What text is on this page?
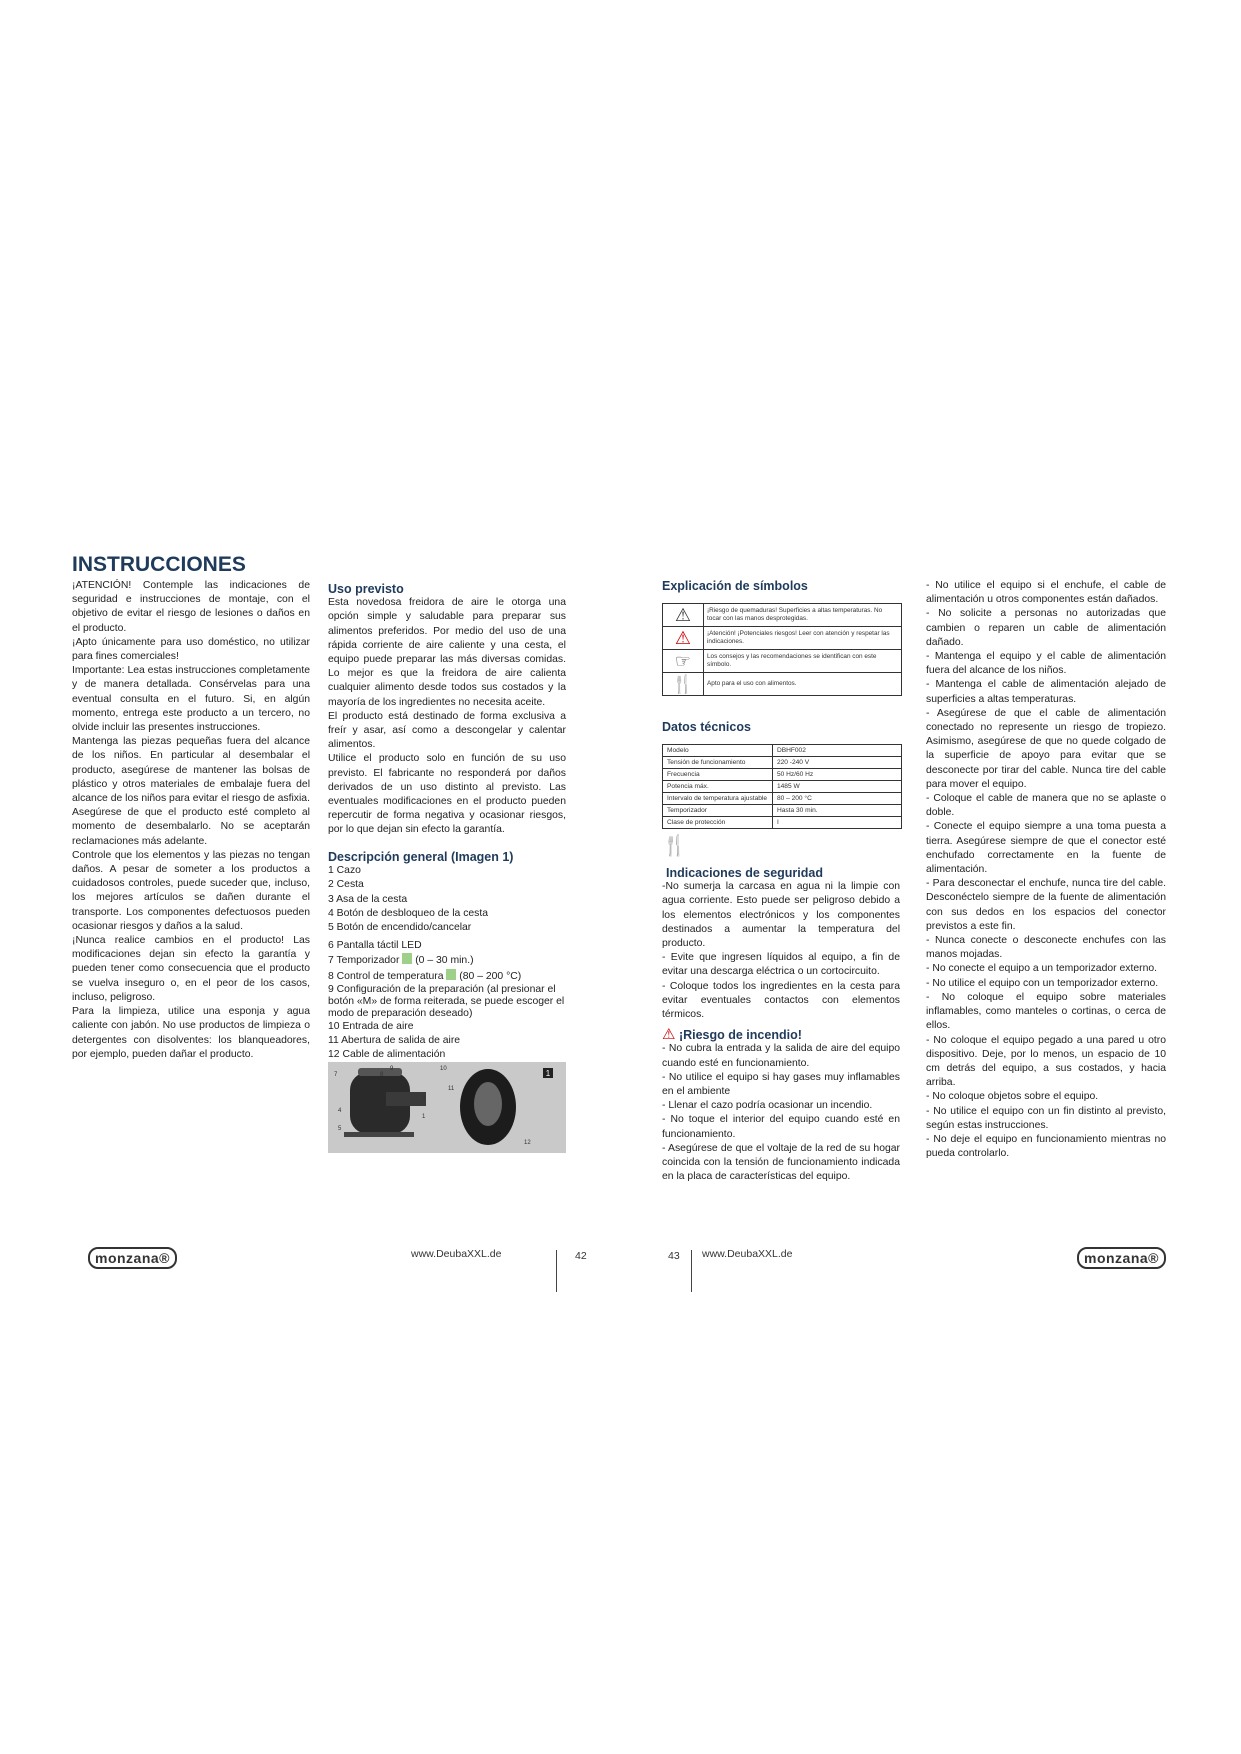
INSTRUCCIONES

¡ATENCIÓN! Contemple las indicaciones de seguridad e instrucciones de montaje, con el objetivo de evitar el riesgo de lesiones o daños en el producto.

¡Apto únicamente para uso doméstico, no utilizar para fines comerciales!

Importante: Lea estas instrucciones completamente y de manera detallada. Consérvelas para una eventual consulta en el futuro. Si, en algún momento, entrega este producto a un tercero, no olvide incluir las presentes instrucciones.

Mantenga las piezas pequeñas fuera del alcance de los niños. En particular al desembalar el producto, asegúrese de mantener las bolsas de plástico y otros materiales de embalaje fuera del alcance de los niños para evitar el riesgo de asfixia.

Asegúrese de que el producto esté completo al momento de desembalarlo. No se aceptarán reclamaciones más adelante.

Controle que los elementos y las piezas no tengan daños. A pesar de someter a los productos a cuidadosos controles, puede suceder que, incluso, los mejores artículos se dañen durante el transporte. Los componentes defectuosos pueden ocasionar riesgos y daños a la salud.

¡Nunca realice cambios en el producto! Las modificaciones dejan sin efecto la garantía y pueden tener como consecuencia que el producto se vuelva inseguro o, en el peor de los casos, incluso, peligroso.

Para la limpieza, utilice una esponja y agua caliente con jabón. No use productos de limpieza o detergentes con disolventes: los blanqueadores, por ejemplo, pueden dañar el producto.

Uso previsto

Esta novedosa freidora de aire le otorga una opción simple y saludable para preparar sus alimentos preferidos. Por medio del uso de una rápida corriente de aire caliente y una cesta, el equipo puede preparar las más diversas comidas. Lo mejor es que la freidora de aire calienta cualquier alimento desde todos sus costados y la mayoría de los ingredientes no necesita aceite.

El producto está destinado de forma exclusiva a freír y asar, así como a descongelar y calentar alimentos.

Utilice el producto solo en función de su uso previsto. El fabricante no responderá por daños derivados de un uso distinto al previsto. Las eventuales modificaciones en el producto pueden repercutir de forma negativa y ocasionar riesgos, por lo que dejan sin efecto la garantía.

Descripción general (Imagen 1)

1 Cazo

2 Cesta

3 Asa de la cesta

4 Botón de desbloqueo de la cesta

5 Botón de encendido/cancelar

6 Pantalla táctil LED

7 Temporizador (0 – 30 min.)

8 Control de temperatura (80 – 200 °C)

9 Configuración de la preparación (al presionar el botón «M» de forma reiterada, se puede escoger el modo de preparación deseado)

10 Entrada de aire

11 Abertura de salida de aire

12 Cable de alimentación

1
7	8
9	10
11
4
3
1
5
12
monzana®	www.DeubaXXL.de	42

Explicación de símbolos

⚠	¡Riesgo de quemaduras! Superficies a altas temperaturas. No tocar con las manos desprotegidas.
⚠	¡Atención! ¡Potenciales riesgos! Leer con atención y respetar las indicaciones.
☞	Los consejos y las recomendaciones se identifican con este símbolo.
🍴	Apto para el uso con alimentos.

Datos técnicos

Modelo	DBHF002
Tensión de funcionamiento	220 -240 V
Frecuencia	50 Hz/60 Hz
Potencia máx.	1485 W
Intervalo de temperatura ajustable	80 – 200 °C
Temporizador	Hasta 30 min.
Clase de protección	I
🍴

Indicaciones de seguridad

-No sumerja la carcasa en agua ni la limpie con agua corriente. Esto puede ser peligroso debido a los elementos electrónicos y los componentes destinados a aumentar la temperatura del producto.

- Evite que ingresen líquidos al equipo, a fin de evitar una descarga eléctrica o un cortocircuito.

- Coloque todos los ingredientes en la cesta para evitar eventuales contactos con elementos térmicos.

⚠ ¡Riesgo de incendio!

- No cubra la entrada y la salida de aire del equipo cuando esté en funcionamiento.

- No utilice el equipo si hay gases muy inflamables en el ambiente

- Llenar el cazo podría ocasionar un incendio.

- No toque el interior del equipo cuando esté en funcionamiento.

- Asegúrese de que el voltaje de la red de su hogar coincida con la tensión de funcionamiento indicada en la placa de características del equipo.

- No utilice el equipo si el enchufe, el cable de alimentación u otros componentes están dañados.

- No solicite a personas no autorizadas que cambien o reparen un cable de alimentación dañado.

- Mantenga el equipo y el cable de alimentación fuera del alcance de los niños.

- Mantenga el cable de alimentación alejado de superficies a altas temperaturas.

- Asegúrese de que el cable de alimentación conectado no represente un riesgo de tropiezo. Asimismo, asegúrese de que no quede colgado de la superficie de apoyo para evitar que se desconecte por tirar del cable. Nunca tire del cable para mover el equipo.

- Coloque el cable de manera que no se aplaste o doble.

- Conecte el equipo siempre a una toma puesta a tierra. Asegúrese siempre de que el conector esté enchufado correctamente en la fuente de alimentación.

- Para desconectar el enchufe, nunca tire del cable. Desconéctelo siempre de la fuente de alimentación con sus dedos en los espacios del conector previstos a este fin.

- Nunca conecte o desconecte enchufes con las manos mojadas.

- No conecte el equipo a un temporizador externo.

- No utilice el equipo con un temporizador externo.

- No coloque el equipo sobre materiales inflamables, como manteles o cortinas, o cerca de ellos.

- No coloque el equipo pegado a una pared u otro dispositivo. Deje, por lo menos, un espacio de 10 cm detrás del equipo, a sus costados, y hacia arriba.

- No coloque objetos sobre el equipo.

- No utilice el equipo con un fin distinto al previsto, según estas instrucciones.

- No deje el equipo en funcionamiento mientras no pueda controlarlo.

43 www.DeubaXXL.de	monzana®
